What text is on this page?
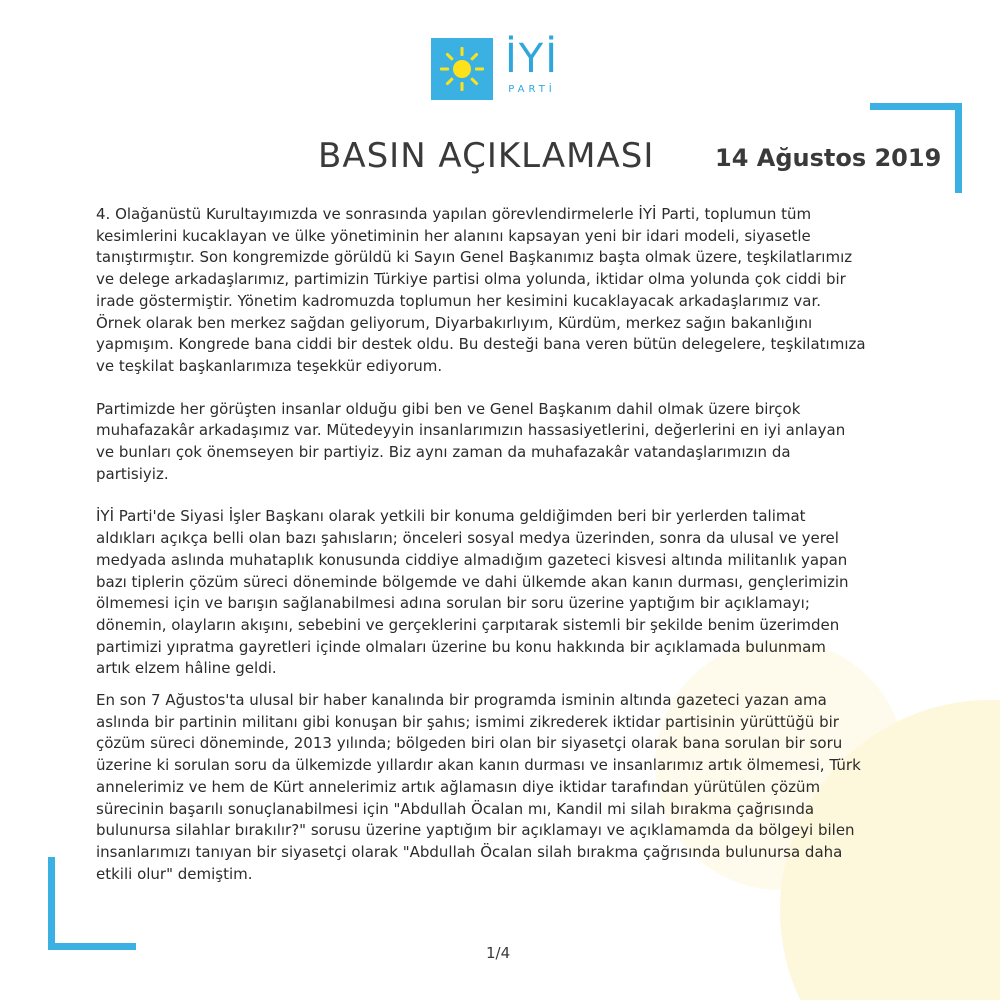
İYİ
PARTİ
BASIN AÇIKLAMASI	14 Ağustos 2019

4. Olağanüstü Kurultayımızda ve sonrasında yapılan görevlendirmelerle İYİ Parti, toplumun tüm
kesimlerini kucaklayan ve ülke yönetiminin her alanını kapsayan yeni bir idari modeli, siyasetle
tanıştırmıştır. Son kongremizde görüldü ki Sayın Genel Başkanımız başta olmak üzere, teşkilatlarımız
ve delege arkadaşlarımız, partimizin Türkiye partisi olma yolunda, iktidar olma yolunda çok ciddi bir
irade göstermiştir. Yönetim kadromuzda toplumun her kesimini kucaklayacak arkadaşlarımız var.
Örnek olarak ben merkez sağdan geliyorum, Diyarbakırlıyım, Kürdüm, merkez sağın bakanlığını
yapmışım. Kongrede bana ciddi bir destek oldu. Bu desteği bana veren bütün delegelere, teşkilatımıza
ve teşkilat başkanlarımıza teşekkür ediyorum.

Partimizde her görüşten insanlar olduğu gibi ben ve Genel Başkanım dahil olmak üzere birçok
muhafazakâr arkadaşımız var. Mütedeyyin insanlarımızın hassasiyetlerini, değerlerini en iyi anlayan
ve bunları çok önemseyen bir partiyiz. Biz aynı zaman da muhafazakâr vatandaşlarımızın da
partisiyiz.

İYİ Parti'de Siyasi İşler Başkanı olarak yetkili bir konuma geldiğimden beri bir yerlerden talimat
aldıkları açıkça belli olan bazı şahısların; önceleri sosyal medya üzerinden, sonra da ulusal ve yerel
medyada aslında muhataplık konusunda ciddiye almadığım gazeteci kisvesi altında militanlık yapan
bazı tiplerin çözüm süreci döneminde bölgemde ve dahi ülkemde akan kanın durması, gençlerimizin
ölmemesi için ve barışın sağlanabilmesi adına sorulan bir soru üzerine yaptığım bir açıklamayı;
dönemin, olayların akışını, sebebini ve gerçeklerini çarpıtarak sistemli bir şekilde benim üzerimden
partimizi yıpratma gayretleri içinde olmaları üzerine bu konu hakkında bir açıklamada bulunmam
artık elzem hâline geldi.

En son 7 Ağustos'ta ulusal bir haber kanalında bir programda isminin altında gazeteci yazan ama
aslında bir partinin militanı gibi konuşan bir şahıs; ismimi zikrederek iktidar partisinin yürüttüğü bir
çözüm süreci döneminde, 2013 yılında; bölgeden biri olan bir siyasetçi olarak bana sorulan bir soru
üzerine ki sorulan soru da ülkemizde yıllardır akan kanın durması ve insanlarımız artık ölmemesi, Türk
annelerimiz ve hem de Kürt annelerimiz artık ağlamasın diye iktidar tarafından yürütülen çözüm
sürecinin başarılı sonuçlanabilmesi için "Abdullah Öcalan mı, Kandil mi silah bırakma çağrısında
bulunursa silahlar bırakılır?" sorusu üzerine yaptığım bir açıklamayı ve açıklamamda da bölgeyi bilen
insanlarımızı tanıyan bir siyasetçi olarak "Abdullah Öcalan silah bırakma çağrısında bulunursa daha
etkili olur" demiştim.

1/4
